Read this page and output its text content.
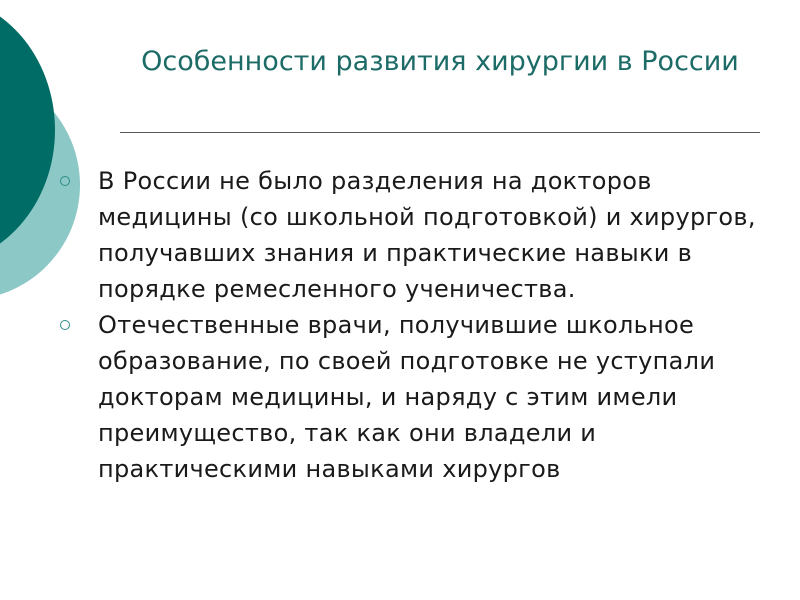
Особенности развития хирургии в России
В России не было разделения на докторов медицины (со школьной подготовкой) и хирургов, получавших знания и практические навыки в порядке ремесленного ученичества.
Отечественные врачи, получившие школьное образование, по своей подготовке не уступали докторам медицины, и наряду с этим имели преимущество, так как они владели и практическими навыками хирургов
